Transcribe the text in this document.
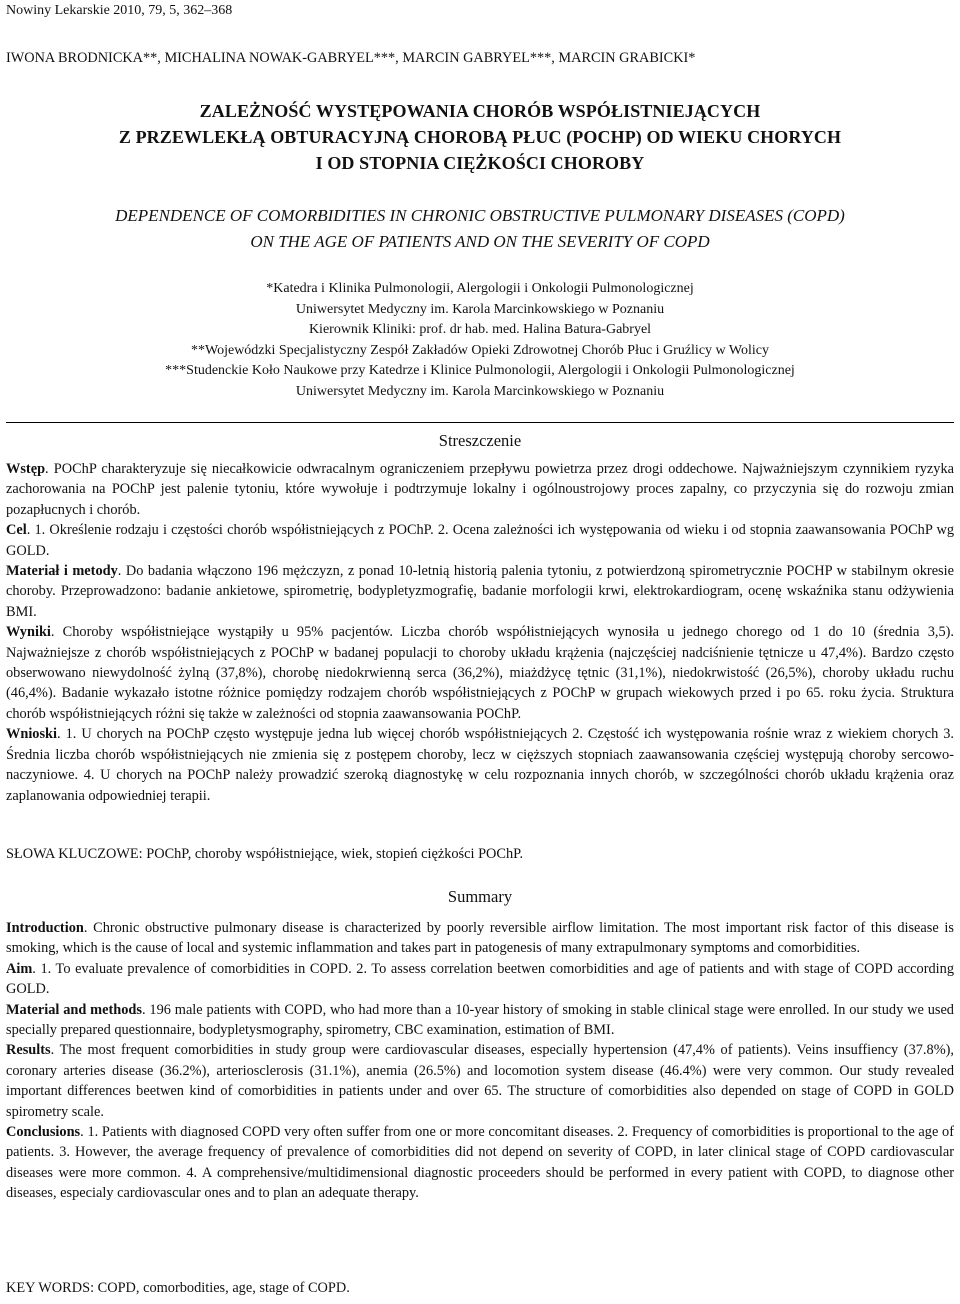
Nowiny Lekarskie 2010, 79, 5, 362–368
IWONA BRODNICKA**, MICHALINA NOWAK-GABRYEL***, MARCIN GABRYEL***, MARCIN GRABICKI*
ZALEŻNOŚĆ WYSTĘPOWANIA CHORÓB WSPÓŁISTNIEJĄCYCH
Z PRZEWLEKŁĄ OBTURACYJNĄ CHOROBĄ PŁUC (POCHP) OD WIEKU CHORYCH
I OD STOPNIA CIĘŻKOŚCI CHOROBY
DEPENDENCE OF COMORBIDITIES IN CHRONIC OBSTRUCTIVE PULMONARY DISEASES (COPD)
ON THE AGE OF PATIENTS AND ON THE SEVERITY OF COPD
*Katedra i Klinika Pulmonologii, Alergologii i Onkologii Pulmonologicznej
Uniwersytet Medyczny im. Karola Marcinkowskiego w Poznaniu
Kierownik Kliniki: prof. dr hab. med. Halina Batura-Gabryel
**Wojewódzki Specjalistyczny Zespół Zakładów Opieki Zdrowotnej Chorób Płuc i Gruźlicy w Wolicy
***Studenckie Koło Naukowe przy Katedrze i Klinice Pulmonologii, Alergologii i Onkologii Pulmonologicznej
Uniwersytet Medyczny im. Karola Marcinkowskiego w Poznaniu
Streszczenie

Wstęp. POChP charakteryzuje się niecałkowicie odwracalnym ograniczeniem przepływu powietrza przez drogi oddechowe. Najważniejszym czynnikiem ryzyka zachorowania na POChP jest palenie tytoniu, które wywołuje i podtrzymuje lokalny i ogólnoustrojowy proces zapalny, co przyczynia się do rozwoju zmian pozapłucnych i chorób.

Cel. 1. Określenie rodzaju i częstości chorób współistniejących z POChP. 2. Ocena zależności ich występowania od wieku i od stopnia zaawansowania POChP wg GOLD.

Materiał i metody. Do badania włączono 196 mężczyzn, z ponad 10-letnią historią palenia tytoniu, z potwierdzoną spirometrycznie POCHP w stabilnym okresie choroby. Przeprowadzono: badanie ankietowe, spirometrię, bodypletyzmografię, badanie morfologii krwi, elektrokardiogram, ocenę wskaźnika stanu odżywienia BMI.

Wyniki. Choroby współistniejące wystąpiły u 95% pacjentów. Liczba chorób współistniejących wynosiła u jednego chorego od 1 do 10 (średnia 3,5). Najważniejsze z chorób współistniejących z POChP w badanej populacji to choroby układu krążenia (najczęściej nadciśnienie tętnicze u 47,4%). Bardzo często obserwowano niewydolność żylną (37,8%), chorobę niedokrwienną serca (36,2%), miażdżycę tętnic (31,1%), niedokrwistość (26,5%), choroby układu ruchu (46,4%). Badanie wykazało istotne różnice pomiędzy rodzajem chorób współistniejących z POChP w grupach wiekowych przed i po 65. roku życia. Struktura chorób współistniejących różni się także w zależności od stopnia zaawansowania POChP.

Wnioski. 1. U chorych na POChP często występuje jedna lub więcej chorób współistniejących 2. Częstość ich występowania rośnie wraz z wiekiem chorych 3. Średnia liczba chorób współistniejących nie zmienia się z postępem choroby, lecz w cięższych stopniach zaawansowania częściej występują choroby sercowo-naczyniowe. 4. U chorych na POChP należy prowadzić szeroką diagnostykę w celu rozpoznania innych chorób, w szczególności chorób układu krążenia oraz zaplanowania odpowiedniej terapii.

SŁOWA KLUCZOWE: POChP, choroby współistniejące, wiek, stopień ciężkości POChP.
Summary

Introduction. Chronic obstructive pulmonary disease is characterized by poorly reversible airflow limitation. The most important risk factor of this disease is smoking, which is the cause of local and systemic inflammation and takes part in patogenesis of many extrapulmonary symptoms and comorbidities.

Aim. 1. To evaluate prevalence of comorbidities in COPD. 2. To assess correlation beetwen comorbidities and age of patients and with stage of COPD according GOLD.

Material and methods. 196 male patients with COPD, who had more than a 10-year history of smoking in stable clinical stage were enrolled. In our study we used specially prepared questionnaire, bodypletysmography, spirometry, CBC examination, estimation of BMI.

Results. The most frequent comorbidities in study group were cardiovascular diseases, especially hypertension (47,4% of patients). Veins insuffiency (37.8%), coronary arteries disease (36.2%), arteriosclerosis (31.1%), anemia (26.5%) and locomotion system disease (46.4%) were very common. Our study revealed important differences beetwen kind of comorbidities in patients under and over 65. The structure of comorbidities also depended on stage of COPD in GOLD spirometry scale.

Conclusions. 1. Patients with diagnosed COPD very often suffer from one or more concomitant diseases. 2. Frequency of comorbidities is proportional to the age of patients. 3. However, the average frequency of prevalence of comorbidities did not depend on severity of COPD, in later clinical stage of COPD cardiovascular diseases were more common. 4. A comprehensive/multidimensional diagnostic proceeders should be performed in every patient with COPD, to diagnose other diseases, especialy cardiovascular ones and to plan an adequate therapy.

KEY WORDS: COPD, comorbodities, age, stage of COPD.
